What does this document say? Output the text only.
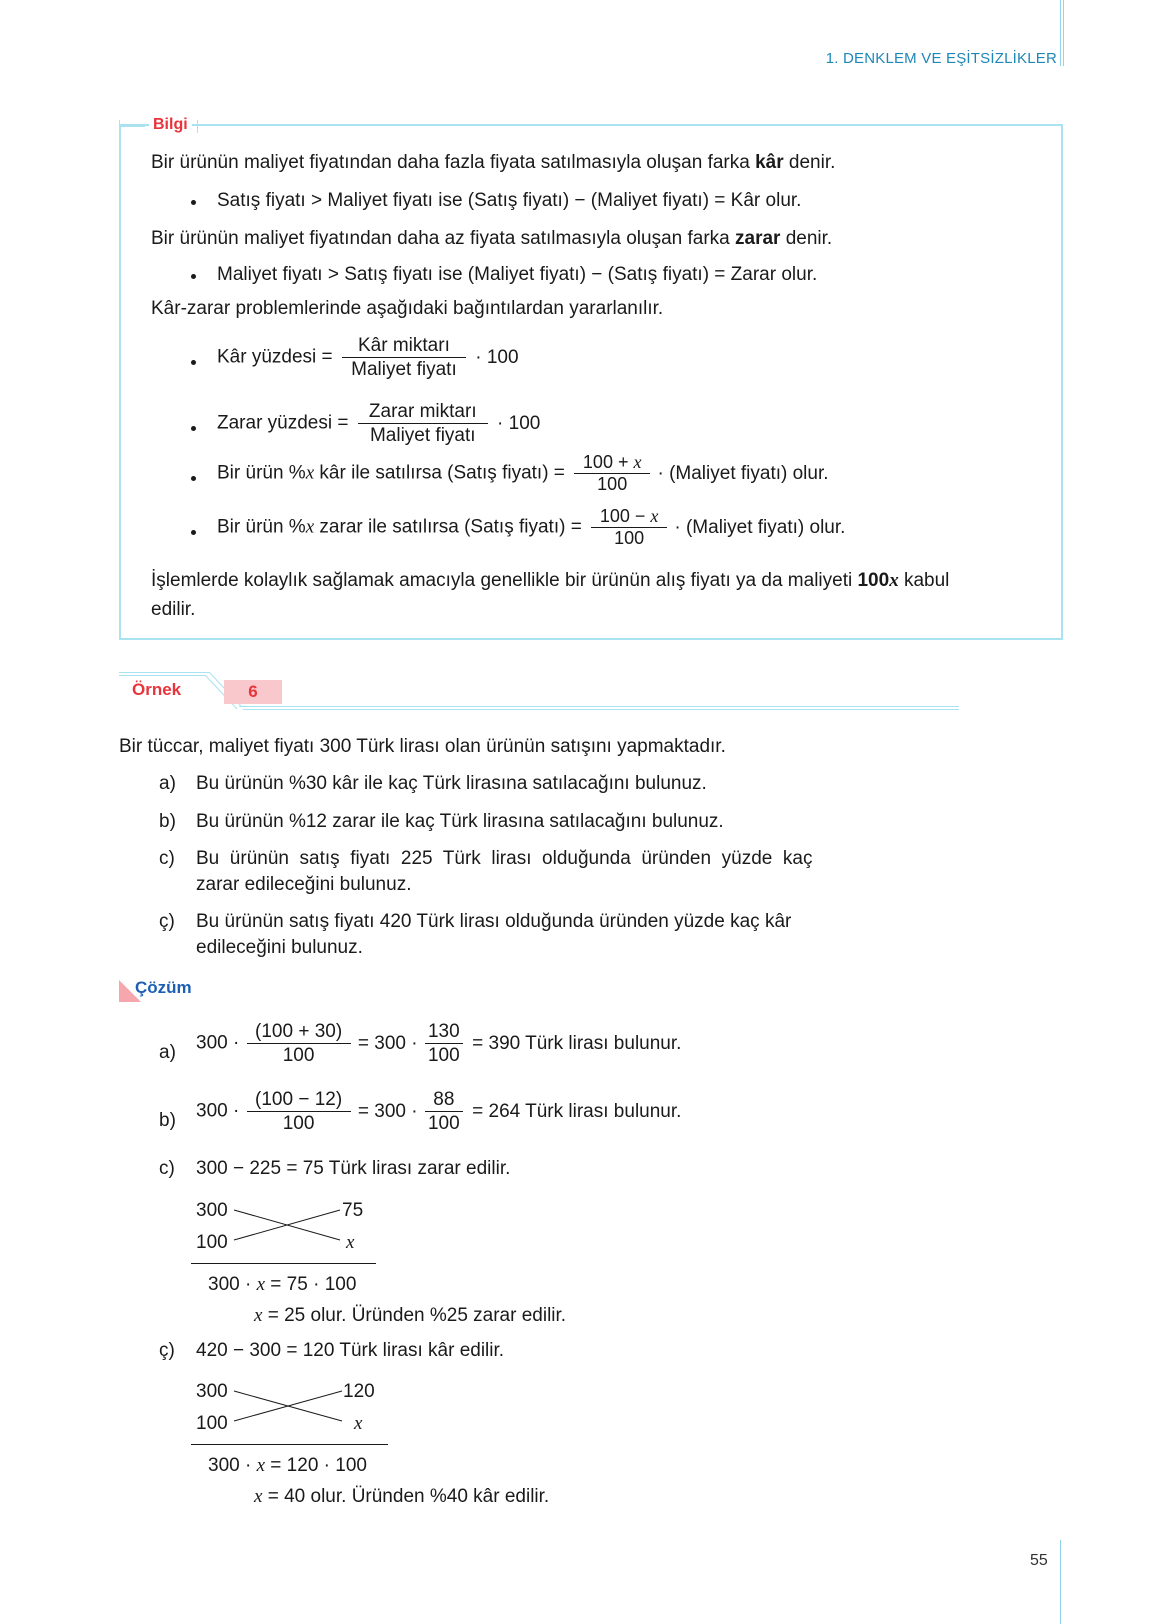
1. DENKLEM VE EŞİTSİZLİKLER
Bilgi
Bir ürünün maliyet fiyatından daha fazla fiyata satılmasıyla oluşan farka kâr denir.
Satış fiyatı > Maliyet fiyatı ise (Satış fiyatı) − (Maliyet fiyatı) = Kâr olur.
Bir ürünün maliyet fiyatından daha az fiyata satılmasıyla oluşan farka zarar denir.
Maliyet fiyatı > Satış fiyatı ise (Maliyet fiyatı) − (Satış fiyatı) = Zarar olur.
Kâr-zarar problemlerinde aşağıdaki bağıntılardan yararlanılır.
Kâr yüzdesi = $\frac{\text{Kâr miktarı}}{\text{Maliyet fiyatı}} \cdot 100$
Zarar yüzdesi = $\frac{\text{Zarar miktarı}}{\text{Maliyet fiyatı}} \cdot 100$
Bir ürün %x kâr ile satılırsa (Satış fiyatı) = $\frac{100 + x}{100}$ · (Maliyet fiyatı) olur.
Bir ürün %x zarar ile satılırsa (Satış fiyatı) = $\frac{100 - x}{100}$ · (Maliyet fiyatı) olur.
İşlemlerde kolaylık sağlamak amacıyla genellikle bir ürünün alış fiyatı ya da maliyeti 100x kabul
edilir.
Örnek	6
Bir tüccar, maliyet fiyatı 300 Türk lirası olan ürünün satışını yapmaktadır.
a) Bu ürünün %30 kâr ile kaç Türk lirasına satılacağını bulunuz.
b) Bu ürünün %12 zarar ile kaç Türk lirasına satılacağını bulunuz.
c) Bu  ürünün  satış  fiyatı  225  Türk  lirası  olduğunda  üründen  yüzde  kaç
zarar edileceğini bulunuz.
ç) Bu ürünün satış fiyatı 420 Türk lirası olduğunda üründen yüzde kaç kâr
edileceğini bulunuz.
Çözüm
a) $300 \cdot \frac{(100 + 30)}{100} = 300 \cdot \frac{130}{100} = 390$ Türk lirası bulunur.
b) $300 \cdot \frac{(100 - 12)}{100} = 300 \cdot \frac{88}{100} = 264$ Türk lirası bulunur.
c) 300 − 225 = 75 Türk lirası zarar edilir.
300	75
100	x
300 · x = 75 · 100
x = 25 olur. Üründen %25 zarar edilir.
ç) 420 − 300 = 120 Türk lirası kâr edilir.
300	120
100	x
300 · x = 120 · 100
x = 40 olur. Üründen %40 kâr edilir.
55
